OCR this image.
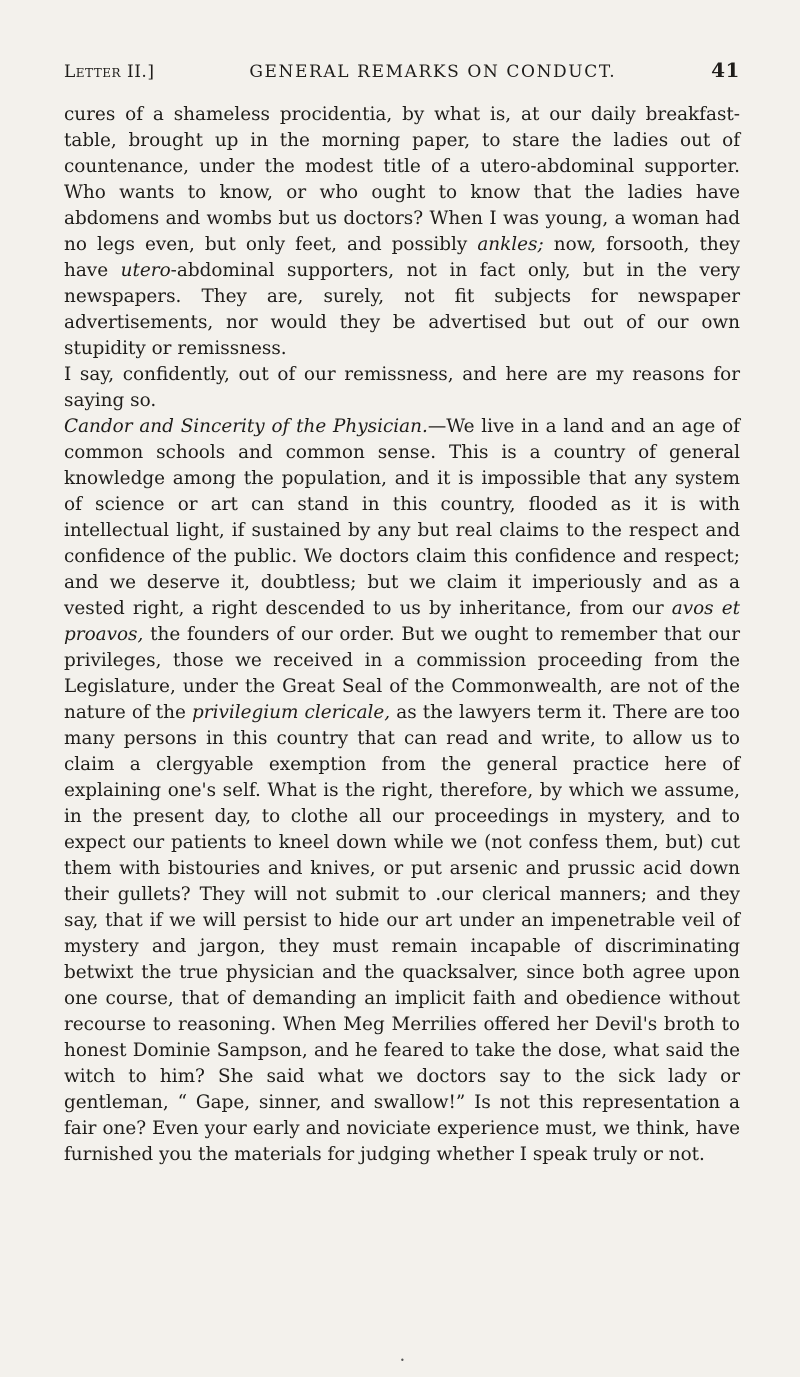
Letter II.]	GENERAL REMARKS ON CONDUCT.	41

cures of a shameless procidentia, by what is, at our daily breakfast-table, brought up in the morning paper, to stare the ladies out of countenance, under the modest title of a utero-abdominal supporter. Who wants to know, or who ought to know that the ladies have abdomens and wombs but us doctors? When I was young, a woman had no legs even, but only feet, and possibly ankles; now, forsooth, they have utero-abdominal supporters, not in fact only, but in the very newspapers. They are, surely, not fit subjects for newspaper advertisements, nor would they be advertised but out of our own stupidity or remissness.

I say, confidently, out of our remissness, and here are my reasons for saying so.

Candor and Sincerity of the Physician.—We live in a land and an age of common schools and common sense. This is a country of general knowledge among the population, and it is impossible that any system of science or art can stand in this country, flooded as it is with intellectual light, if sustained by any but real claims to the respect and confidence of the public. We doctors claim this confidence and respect; and we deserve it, doubtless; but we claim it imperiously and as a vested right, a right descended to us by inheritance, from our avos et proavos, the founders of our order. But we ought to remember that our privileges, those we received in a commission proceeding from the Legislature, under the Great Seal of the Commonwealth, are not of the nature of the privilegium clericale, as the lawyers term it. There are too many persons in this country that can read and write, to allow us to claim a clergyable exemption from the general practice here of explaining one's self. What is the right, therefore, by which we assume, in the present day, to clothe all our proceedings in mystery, and to expect our patients to kneel down while we (not confess them, but) cut them with bistouries and knives, or put arsenic and prussic acid down their gullets? They will not submit to .our clerical manners; and they say, that if we will persist to hide our art under an impenetrable veil of mystery and jargon, they must remain incapable of discriminating betwixt the true physician and the quacksalver, since both agree upon one course, that of demanding an implicit faith and obedience without recourse to reasoning. When Meg Merrilies offered her Devil's broth to honest Dominie Sampson, and he feared to take the dose, what said the witch to him? She said what we doctors say to the sick lady or gentleman, “ Gape, sinner, and swallow!” Is not this representation a fair one? Even your early and noviciate experience must, we think, have furnished you the materials for judging whether I speak truly or not.

•
